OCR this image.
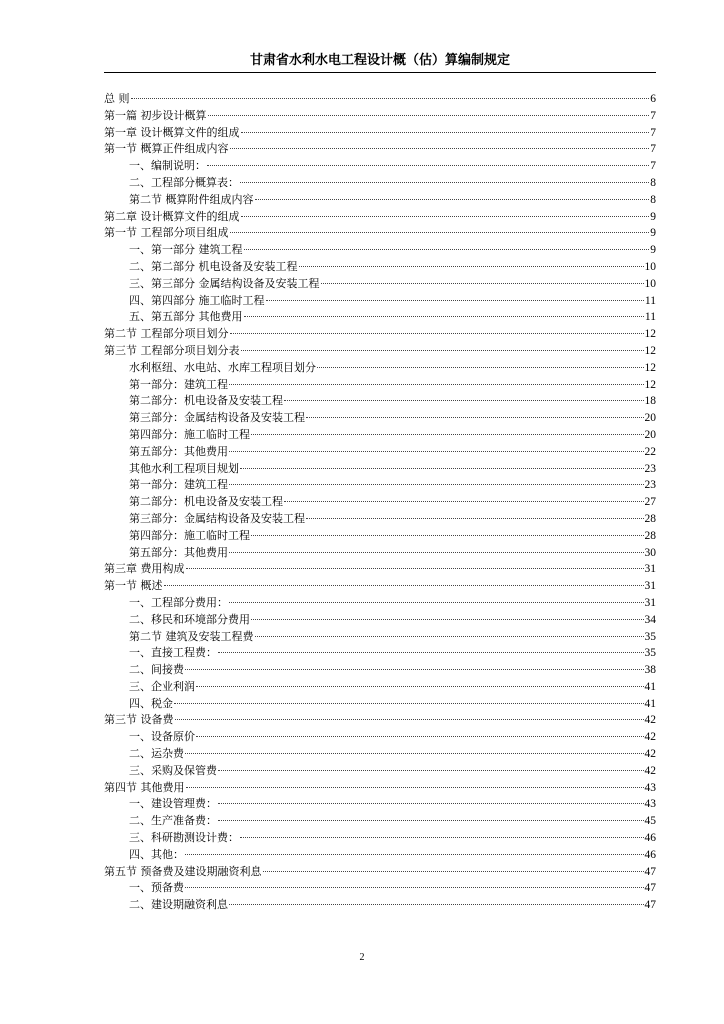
甘肃省水利水电工程设计概（估）算编制规定
总 则	6
第一篇 初步设计概算	7
第一章 设计概算文件的组成	7
第一节 概算正件组成内容	7
一、编制说明：	7
二、工程部分概算表：	8
第二节 概算附件组成内容	8
第二章 设计概算文件的组成	9
第一节 工程部分项目组成	9
一、第一部分 建筑工程	9
二、第二部分 机电设备及安装工程	10
三、第三部分 金属结构设备及安装工程	10
四、第四部分 施工临时工程	11
五、第五部分 其他费用	11
第二节 工程部分项目划分	12
第三节 工程部分项目划分表	12
水利枢纽、水电站、水库工程项目划分	12
第一部分：建筑工程	12
第二部分：机电设备及安装工程	18
第三部分：金属结构设备及安装工程	20
第四部分：施工临时工程	20
第五部分：其他费用	22
其他水利工程项目规划	23
第一部分：建筑工程	23
第二部分：机电设备及安装工程	27
第三部分：金属结构设备及安装工程	28
第四部分：施工临时工程	28
第五部分：其他费用	30
第三章 费用构成	31
第一节 概述	31
一、工程部分费用：	31
二、移民和环境部分费用	34
第二节 建筑及安装工程费	35
一、直接工程费：	35
二、间接费	38
三、企业利润	41
四、税金	41
第三节 设备费	42
一、设备原价	42
二、运杂费	42
三、采购及保管费	42
第四节 其他费用	43
一、建设管理费：	43
二、生产准备费：	45
三、科研勘测设计费：	46
四、其他：	46
第五节 预备费及建设期融资利息	47
一、预备费	47
二、建设期融资利息	47
2
